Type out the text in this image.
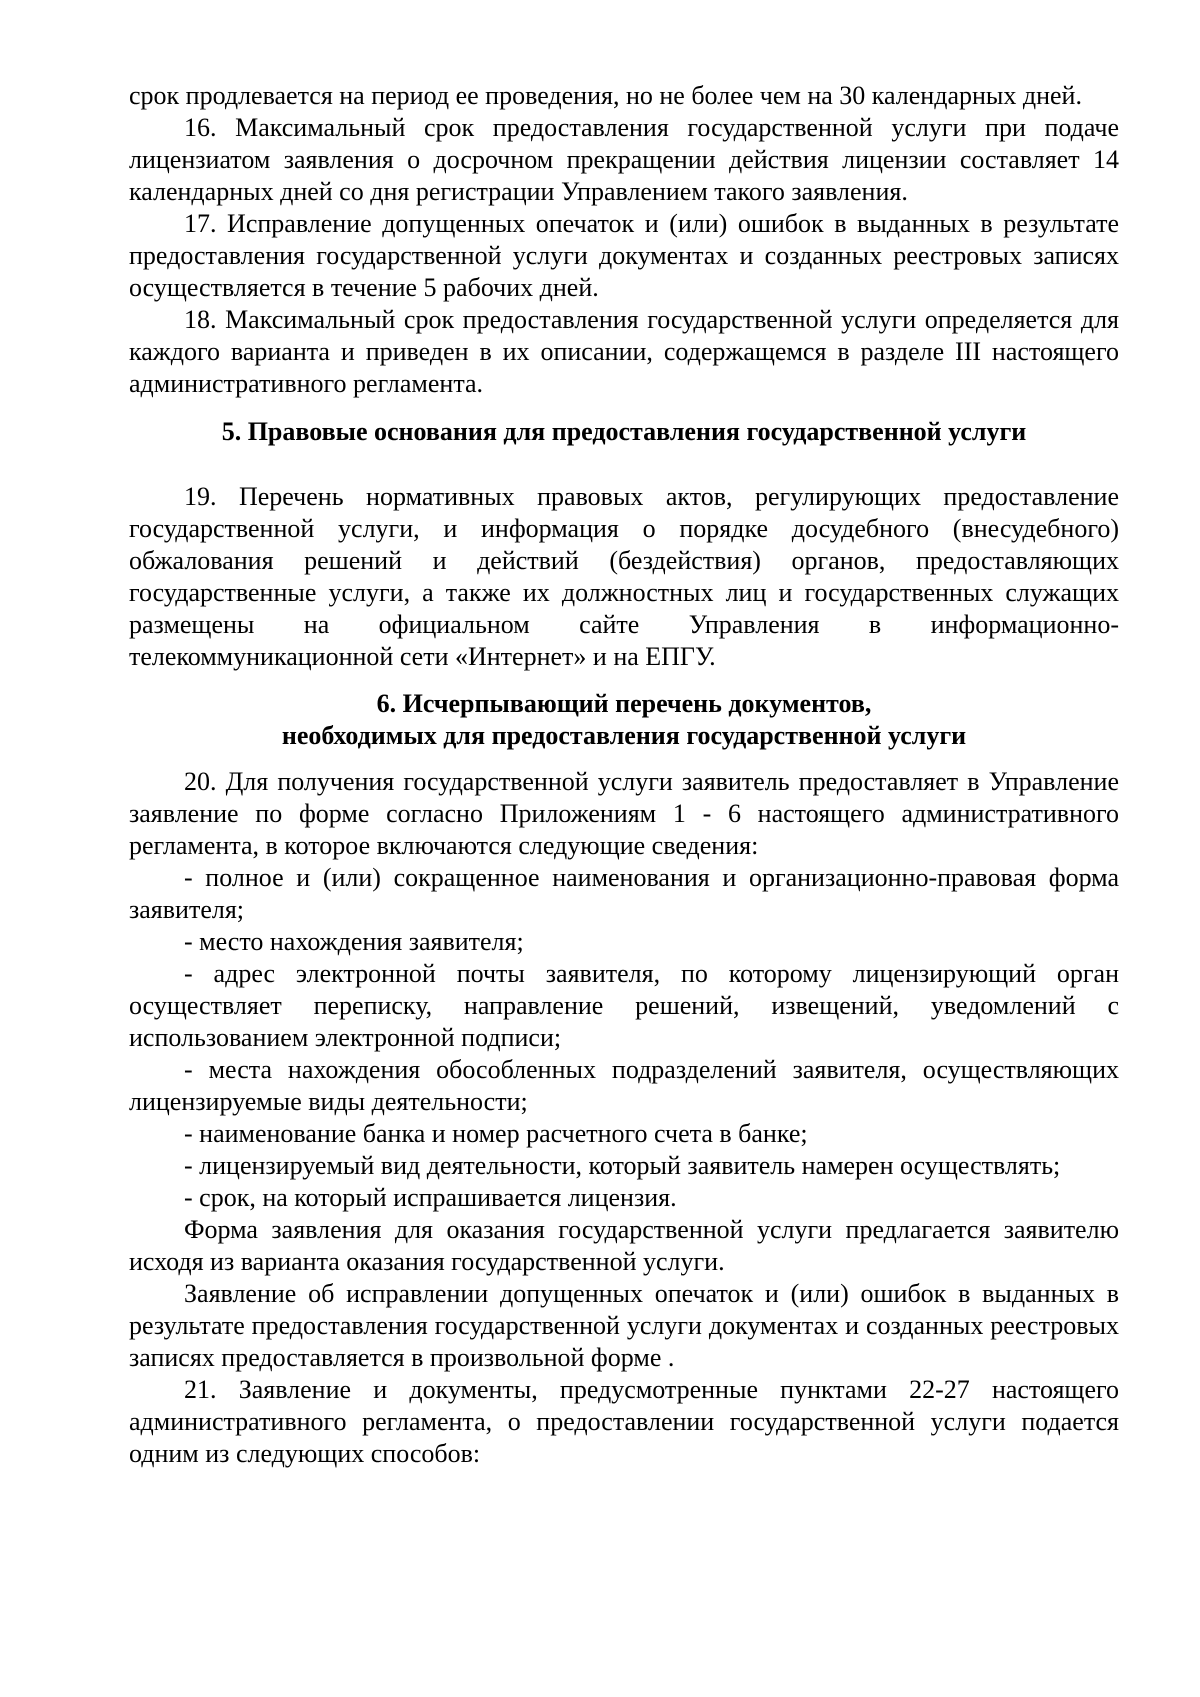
срок продлевается на период ее проведения, но не более чем на 30 календарных дней.

16. Максимальный срок предоставления государственной услуги при подаче лицензиатом заявления о досрочном прекращении действия лицензии составляет 14 календарных дней со дня регистрации Управлением такого заявления.

17. Исправление допущенных опечаток и (или) ошибок в выданных в результате предоставления государственной услуги документах и созданных реестровых записях осуществляется в течение 5 рабочих дней.

18. Максимальный срок предоставления государственной услуги определяется для каждого варианта и приведен в их описании, содержащемся в разделе III настоящего административного регламента.

5. Правовые основания для предоставления государственной услуги

19. Перечень нормативных правовых актов, регулирующих предоставление государственной услуги, и информация о порядке досудебного (внесудебного) обжалования решений и действий (бездействия) органов, предоставляющих государственные услуги, а также их должностных лиц и государственных служащих размещены на официальном сайте Управления в информационно-телекоммуникационной сети «Интернет» и на ЕПГУ.

6. Исчерпывающий перечень документов,
необходимых для предоставления государственной услуги

20. Для получения государственной услуги заявитель предоставляет в Управление заявление по форме согласно Приложениям 1 - 6 настоящего административного регламента, в которое включаются следующие сведения:

- полное и (или) сокращенное наименования и организационно-правовая форма заявителя;

- место нахождения заявителя;

- адрес электронной почты заявителя, по которому лицензирующий орган осуществляет переписку, направление решений, извещений, уведомлений с использованием электронной подписи;

- места нахождения обособленных подразделений заявителя, осуществляющих лицензируемые виды деятельности;

- наименование банка и номер расчетного счета в банке;

- лицензируемый вид деятельности, который заявитель намерен осуществлять;

- срок, на который испрашивается лицензия.

Форма заявления для оказания государственной услуги предлагается заявителю исходя из варианта оказания государственной услуги.

Заявление об исправлении допущенных опечаток и (или) ошибок в выданных в результате предоставления государственной услуги документах и созданных реестровых записях предоставляется в произвольной форме .

21. Заявление и документы, предусмотренные пунктами 22-27 настоящего административного регламента, о предоставлении государственной услуги подается одним из следующих способов:
